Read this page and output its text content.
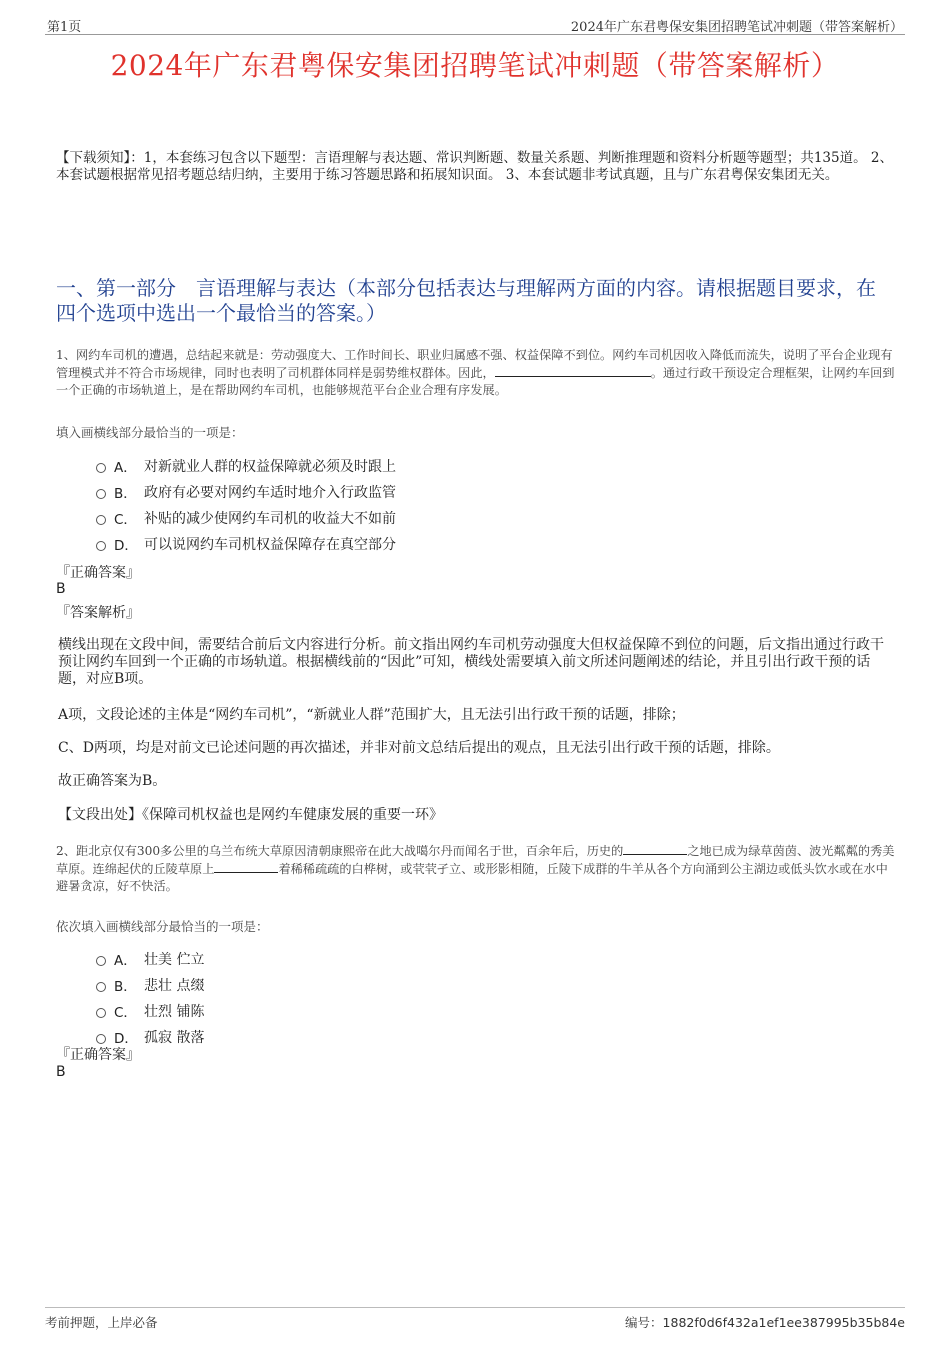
第1页	2024年广东君粤保安集团招聘笔试冲刺题（带答案解析）
2024年广东君粤保安集团招聘笔试冲刺题（带答案解析）
【下载须知】：1，本套练习包含以下题型：言语理解与表达题、常识判断题、数量关系题、判断推理题和资料分析题等题型；共135道。 2、本套试题根据常见招考题总结归纳，主要用于练习答题思路和拓展知识面。 3、本套试题非考试真题，且与广东君粤保安集团无关。
一、第一部分　言语理解与表达（本部分包括表达与理解两方面的内容。请根据题目要求，在四个选项中选出一个最恰当的答案。）
1、网约车司机的遭遇，总结起来就是：劳动强度大、工作时间长、职业归属感不强、权益保障不到位。网约车司机因收入降低而流失，说明了平台企业现有管理模式并不符合市场规律，同时也表明了司机群体同样是弱势维权群体。因此，	。通过行政干预设定合理框架，让网约车回到一个正确的市场轨道上，是在帮助网约车司机，也能够规范平台企业合理有序发展。
填入画横线部分最恰当的一项是：
A． 对新就业人群的权益保障就必须及时跟上
B． 政府有必要对网约车适时地介入行政监管
C． 补贴的减少使网约车司机的收益大不如前
D． 可以说网约车司机权益保障存在真空部分
『正确答案』
B
『答案解析』
横线出现在文段中间，需要结合前后文内容进行分析。前文指出网约车司机劳动强度大但权益保障不到位的问题，后文指出通过行政干预让网约车回到一个正确的市场轨道。根据横线前的“因此”可知，横线处需要填入前文所述问题阐述的结论，并且引出行政干预的话题，对应B项。
A项，文段论述的主体是“网约车司机”，“新就业人群”范围扩大，且无法引出行政干预的话题，排除；
C、D两项，均是对前文已论述问题的再次描述，并非对前文总结后提出的观点，且无法引出行政干预的话题，排除。
故正确答案为B。
【文段出处】《保障司机权益也是网约车健康发展的重要一环》
2、距北京仅有300多公里的乌兰布统大草原因清朝康熙帝在此大战噶尔丹而闻名于世，百余年后，历史的	之地已成为绿草茵茵、波光粼粼的秀美草原。连绵起伏的丘陵草原上	着稀稀疏疏的白桦树，或茕茕孑立、或形影相随，丘陵下成群的牛羊从各个方向涌到公主湖边或低头饮水或在水中避暑贪凉，好不快活。
依次填入画横线部分最恰当的一项是：
A． 壮美 伫立
B． 悲壮 点缀
C． 壮烈 铺陈
D． 孤寂 散落
『正确答案』
B
考前押题，上岸必备	编号：1882f0d6f432a1ef1ee387995b35b84e
